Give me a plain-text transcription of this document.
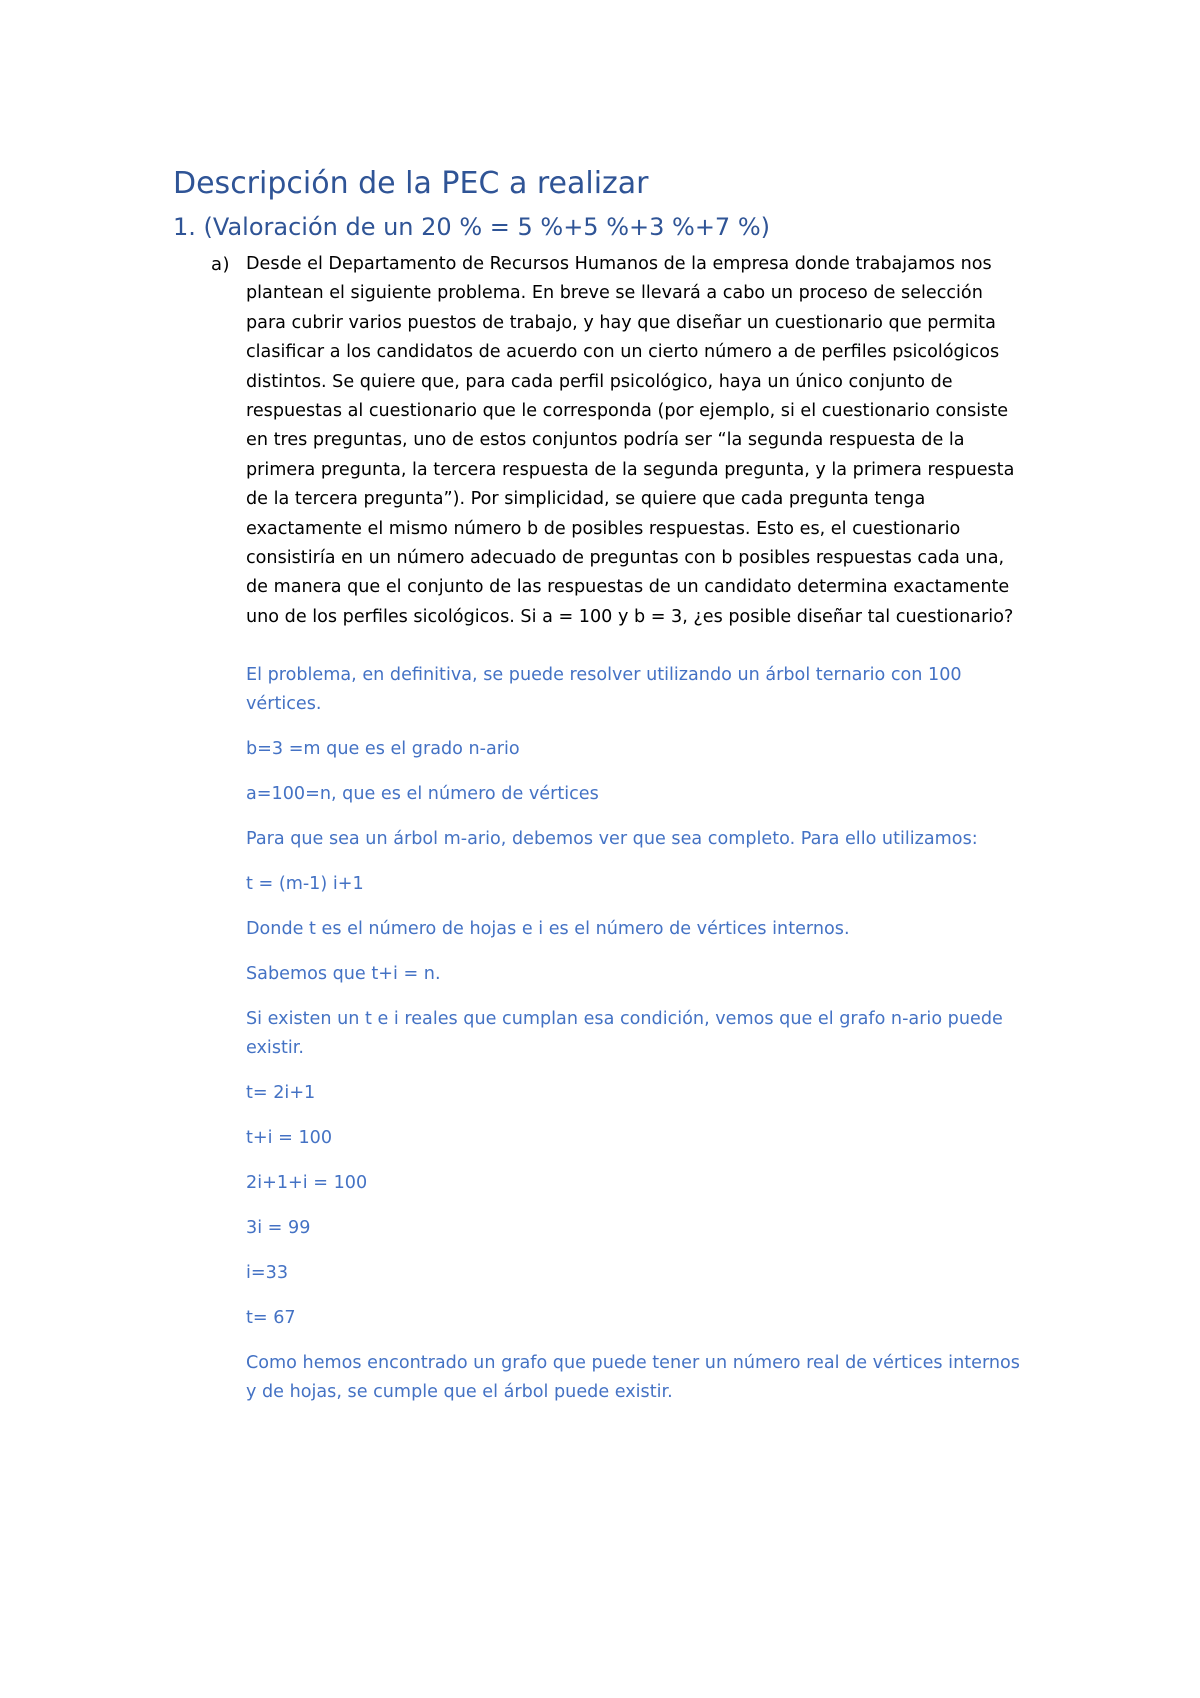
Descripción de la PEC a realizar
1. (Valoración de un 20 % = 5 %+5 %+3 %+7 %)
a) Desde el Departamento de Recursos Humanos de la empresa donde trabajamos nos plantean el siguiente problema. En breve se llevará a cabo un proceso de selección para cubrir varios puestos de trabajo, y hay que diseñar un cuestionario que permita clasificar a los candidatos de acuerdo con un cierto número a de perfiles psicológicos distintos. Se quiere que, para cada perfil psicológico, haya un único conjunto de respuestas al cuestionario que le corresponda (por ejemplo, si el cuestionario consiste en tres preguntas, uno de estos conjuntos podría ser “la segunda respuesta de la primera pregunta, la tercera respuesta de la segunda pregunta, y la primera respuesta de la tercera pregunta”). Por simplicidad, se quiere que cada pregunta tenga exactamente el mismo número b de posibles respuestas. Esto es, el cuestionario consistiría en un número adecuado de preguntas con b posibles respuestas cada una, de manera que el conjunto de las respuestas de un candidato determina exactamente uno de los perfiles sicológicos. Si a = 100 y b = 3, ¿es posible diseñar tal cuestionario?

El problema, en definitiva, se puede resolver utilizando un árbol ternario con 100 vértices.

b=3 =m que es el grado n-ario

a=100=n, que es el número de vértices

Para que sea un árbol m-ario, debemos ver que sea completo. Para ello utilizamos:

t = (m-1) i+1

Donde t es el número de hojas e i es el número de vértices internos.

Sabemos que t+i = n.

Si existen un t e i reales que cumplan esa condición, vemos que el grafo n-ario puede existir.

t= 2i+1

t+i = 100

2i+1+i = 100

3i = 99

i=33

t= 67

Como hemos encontrado un grafo que puede tener un número real de vértices internos y de hojas, se cumple que el árbol puede existir.
